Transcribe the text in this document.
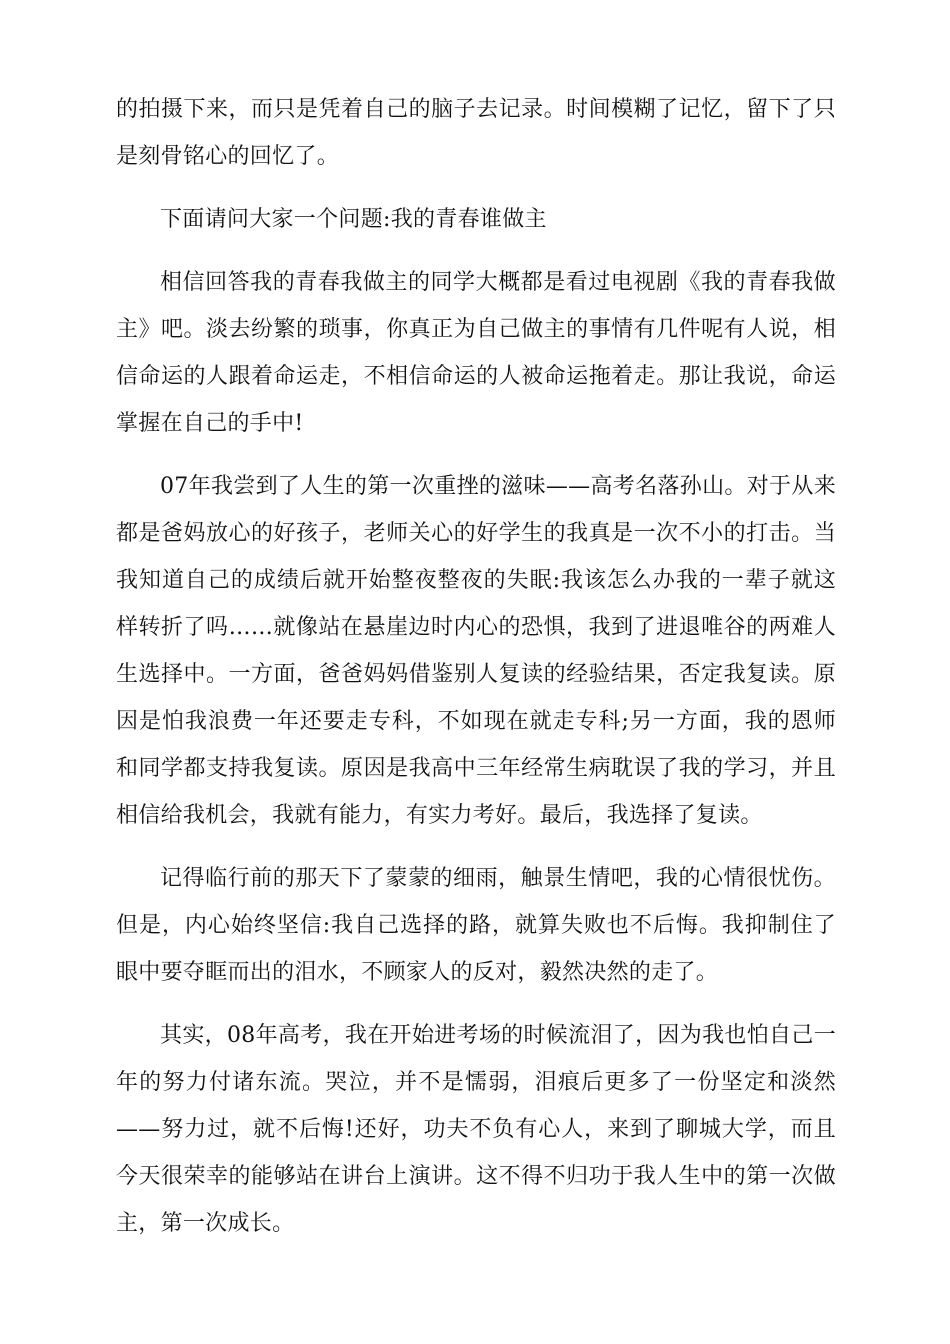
的拍摄下来，而只是凭着自己的脑子去记录。时间模糊了记忆，留下了只是刻骨铭心的回忆了。

下面请问大家一个问题:我的青春谁做主

相信回答我的青春我做主的同学大概都是看过电视剧《我的青春我做主》吧。淡去纷繁的琐事，你真正为自己做主的事情有几件呢有人说，相信命运的人跟着命运走，不相信命运的人被命运拖着走。那让我说，命运掌握在自己的手中!

07年我尝到了人生的第一次重挫的滋味——高考名落孙山。对于从来都是爸妈放心的好孩子，老师关心的好学生的我真是一次不小的打击。当我知道自己的成绩后就开始整夜整夜的失眠:我该怎么办我的一辈子就这样转折了吗……就像站在悬崖边时内心的恐惧，我到了进退唯谷的两难人生选择中。一方面，爸爸妈妈借鉴别人复读的经验结果，否定我复读。原因是怕我浪费一年还要走专科，不如现在就走专科;另一方面，我的恩师和同学都支持我复读。原因是我高中三年经常生病耽误了我的学习，并且相信给我机会，我就有能力，有实力考好。最后，我选择了复读。

记得临行前的那天下了蒙蒙的细雨，触景生情吧，我的心情很忧伤。但是，内心始终坚信:我自己选择的路，就算失败也不后悔。我抑制住了眼中要夺眶而出的泪水，不顾家人的反对，毅然决然的走了。

其实，08年高考，我在开始进考场的时候流泪了，因为我也怕自己一年的努力付诸东流。哭泣，并不是懦弱，泪痕后更多了一份坚定和淡然——努力过，就不后悔!还好，功夫不负有心人，来到了聊城大学，而且今天很荣幸的能够站在讲台上演讲。这不得不归功于我人生中的第一次做主，第一次成长。
